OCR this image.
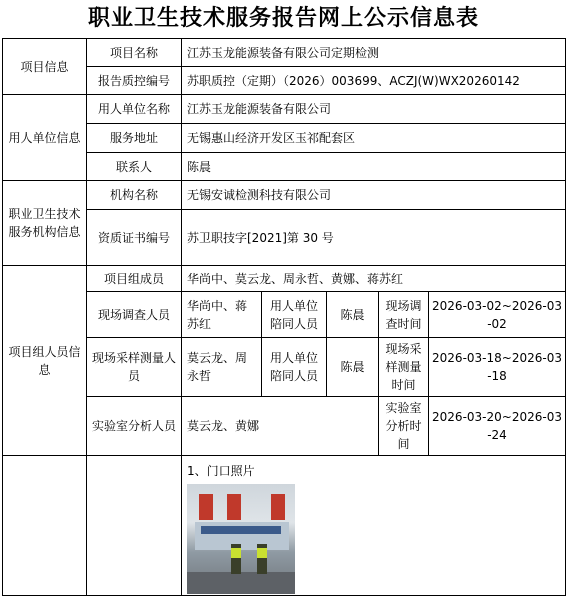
职业卫生技术服务报告网上公示信息表
项目信息	项目名称	江苏玉龙能源装备有限公司定期检测				
	报告质控编号	苏职质控（定期）（2026）003699、ACZJ(W)WX20260142				
用人单位信息	用人单位名称	江苏玉龙能源装备有限公司				
	服务地址	无锡惠山经济开发区玉祁配套区				
	联系人	陈晨				
职业卫生技术服务机构信息	机构名称	无锡安诚检测科技有限公司				
	资质证书编号	苏卫职技字[2021]第 30 号				
项目组人员信息	项目组成员	华尚中、莫云龙、周永哲、黄娜、蒋苏红				
	现场调查人员	华尚中、蒋苏红	用人单位陪同人员	陈晨	现场调查时间	2026-03-02~2026-03-02
	现场采样测量人员	莫云龙、周永哲	用人单位陪同人员	陈晨	现场采样测量时间	2026-03-18~2026-03-18
	实验室分析人员	莫云龙、黄娜			实验室分析时间	2026-03-20~2026-03-24

		1、门口照片				
